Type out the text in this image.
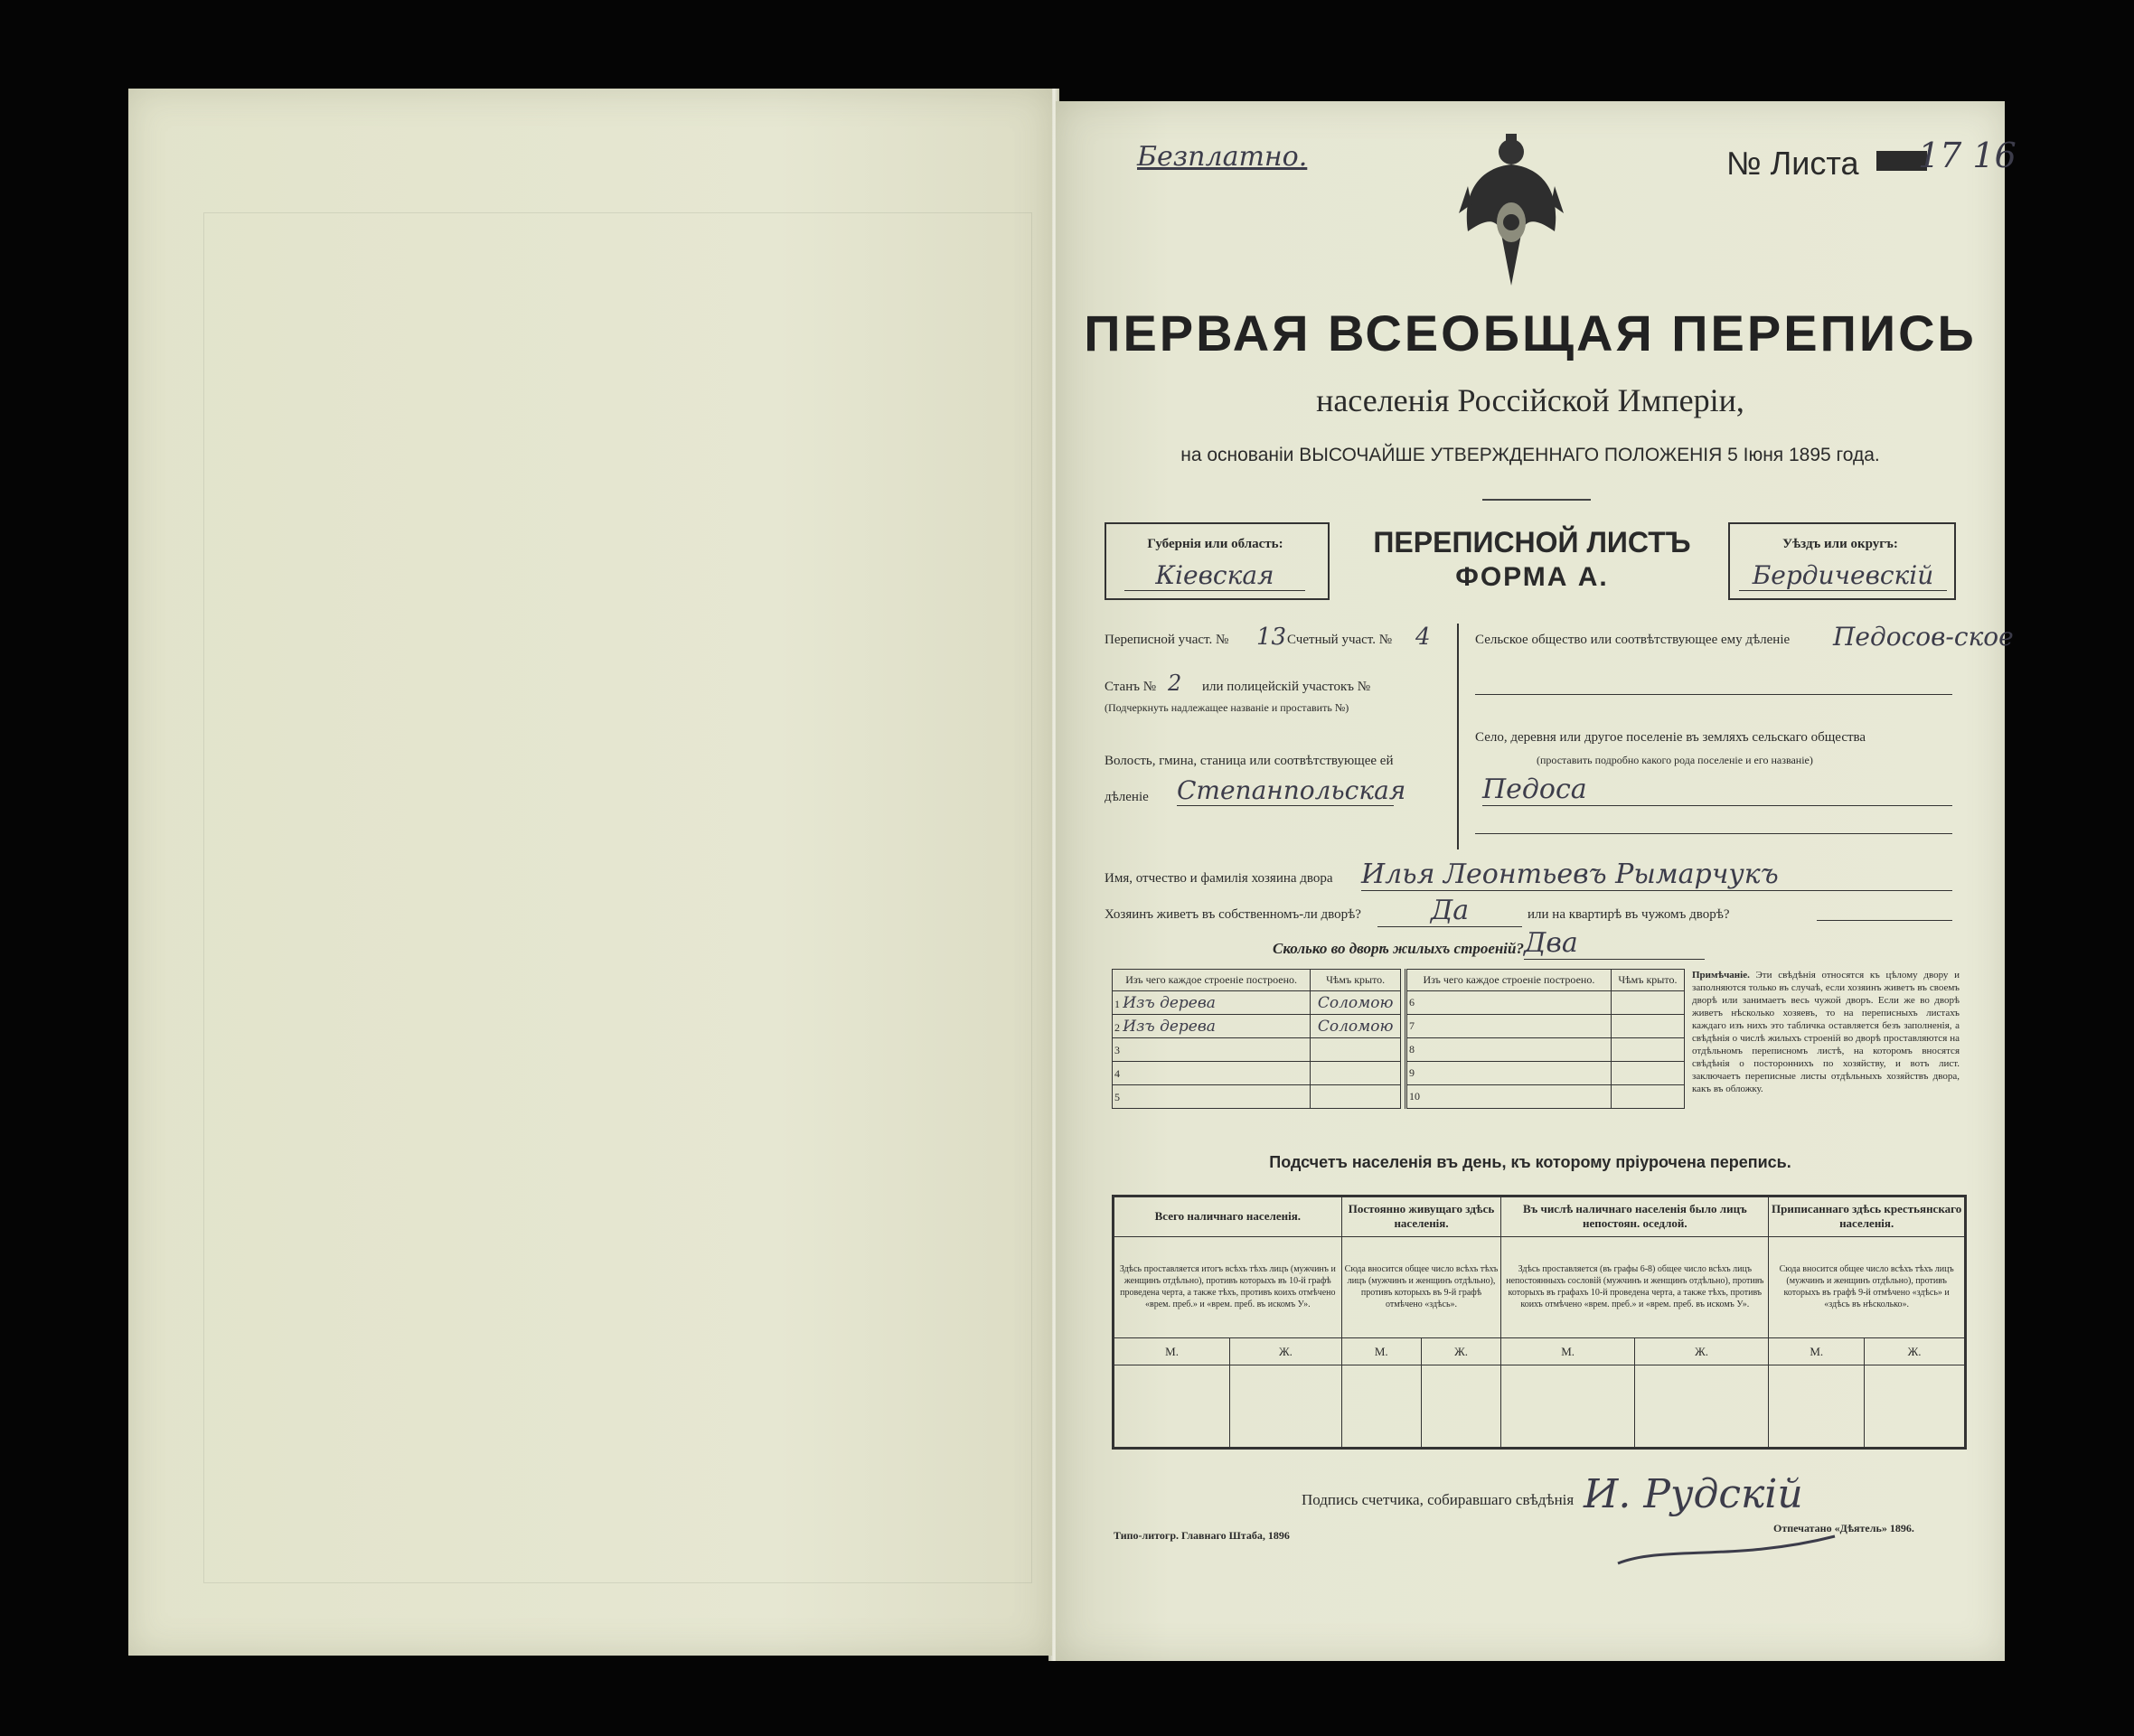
Безплатно.	№ Листа 17 16
ПЕРВАЯ ВСЕОБЩАЯ ПЕРЕПИСЬ
населенія Россійской Имперіи,
на основаніи ВЫСОЧАЙШЕ УТВЕРЖДЕННАГО ПОЛОЖЕНІЯ 5 Іюня 1895 года.
Губернія или область:
Кіевская
ПЕРЕПИСНОЙ ЛИСТЪ
ФОРМА А.
Уѣздъ или округъ:
Бердичевскій
Переписной участ. № 13 Счетный участ. № 4
Станъ № 2 или полицейскій участокъ №
(Подчеркнуть надлежащее названіе и проставить №)
Волость, гмина, станица или соотвѣтствующее ей дѣленіе	Степанпольская
Сельское общество или соотвѣтствующее ему дѣленіе Педосов-ское
Село, деревня или другое поселеніе въ земляхъ сельскаго общества
(проставить подробно какого рода поселеніе и его названіе)
Педоса
Имя, отчество и фамилія хозяина двора Илья Леонтьевъ Рымарчукъ
Хозяинъ живетъ въ собственномъ-ли дворѣ?	Да	или на квартирѣ въ чужомъ дворѣ?
Сколько во дворѣ жилыхъ строеній? Два
Изъ чего каждое строеніе построено.	Чѣмъ крыто.
1 Изъ дерева	Соломою
2 Изъ дерева	Соломою
3	
4	
5	
Изъ чего каждое строеніе построено.	Чѣмъ крыто.
6	
7	
8	
9	
10	
Примѣчаніе. Эти свѣдѣнія относятся къ цѣлому двору и заполняются только въ случаѣ, если хозяинъ живетъ въ своемъ дворѣ или занимаетъ весь чужой дворъ. Если же во дворѣ живетъ нѣсколько хозяевъ, то на переписныхъ листахъ каждаго изъ нихъ это табличка оставляется безъ заполненія, а свѣдѣнія о числѣ жилыхъ строеній во дворѣ проставляются на отдѣльномъ переписномъ листѣ, на которомъ вносятся свѣдѣнія о постороннихъ по хозяйству, и вотъ лист. заключаетъ переписные листы отдѣльныхъ хозяйствъ двора, какъ въ обложку.
Подсчетъ населенія въ день, къ которому пріурочена перепись.
Всего наличнаго населенія.		Постоянно живущаго здѣсь населенія.		Въ числѣ наличнаго населенія было лицъ непостоян. оседлой.		Приписаннаго здѣсь крестьянскаго населенія.	
Здѣсь проставляется итогъ всѣхъ тѣхъ лицъ (мужчинъ и женщинъ отдѣльно), противъ которыхъ въ 10-й графѣ проведена черта, а также тѣхъ, противъ коихъ отмѣчено «врем. преб.» и «врем. преб. въ искомъ У».		Сюда вносится общее число всѣхъ тѣхъ лицъ (мужчинъ и женщинъ отдѣльно), противъ которыхъ въ 9-й графѣ отмѣчено «здѣсь».		Здѣсь проставляется (въ графы 6-8) общее число всѣхъ лицъ непостоянныхъ сословій (мужчинъ и женщинъ отдѣльно), противъ которыхъ въ графахъ 10-й проведена черта, а также тѣхъ, противъ коихъ отмѣчено «врем. преб.» и «врем. преб. въ искомъ У».		Сюда вносится общее число всѣхъ тѣхъ лицъ (мужчинъ и женщинъ отдѣльно), противъ которыхъ въ графѣ 9-й отмѣчено «здѣсь» и «здѣсь въ нѣсколько».	
М.	Ж.	М.	Ж.	М.	Ж.	М.	Ж.

Подпись счетчика, собиравшаго свѣдѣнія И. Рудскій
Типо-литогр. Главнаго Штаба, 1896
Отпечатано «Дѣятель» 1896.
